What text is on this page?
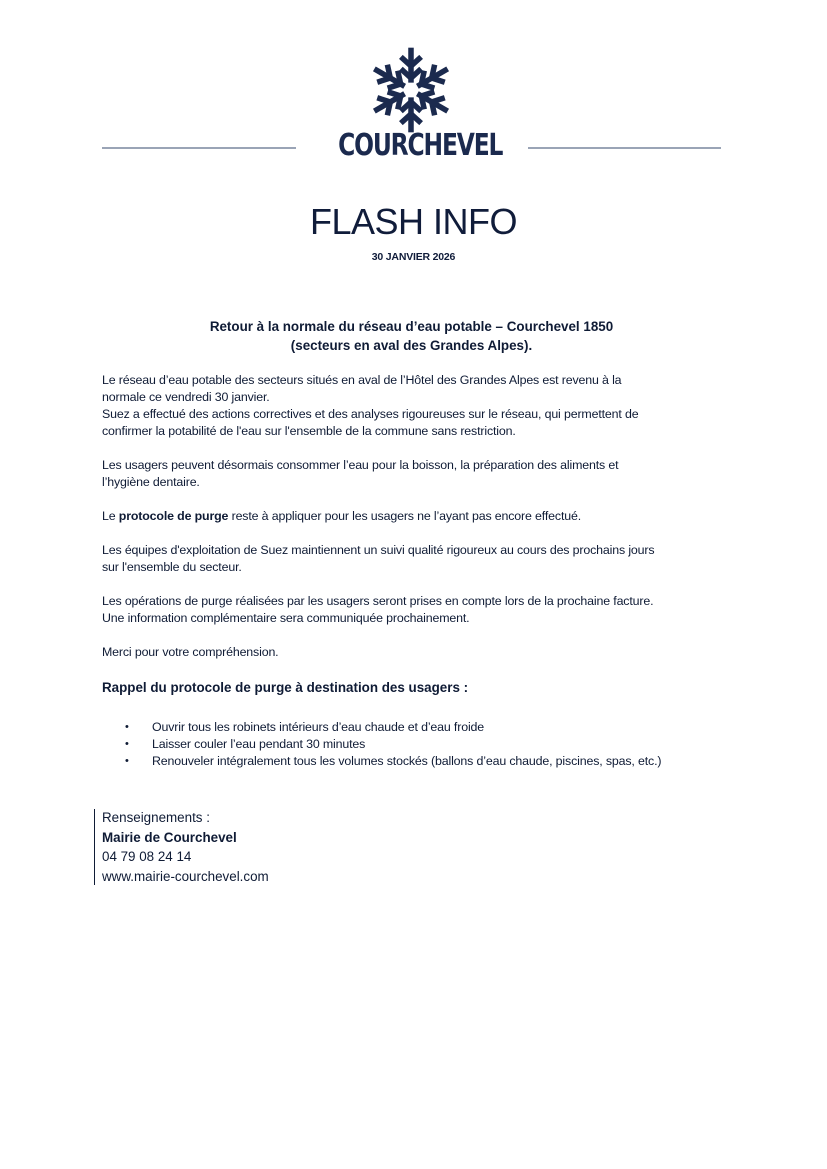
COURCHEVEL
FLASH INFO
30 JANVIER 2026
Retour à la normale du réseau d’eau potable – Courchevel 1850
(secteurs en aval des Grandes Alpes).

Le réseau d’eau potable des secteurs situés en aval de l’Hôtel des Grandes Alpes est revenu à la
normale ce vendredi 30 janvier.
Suez a effectué des actions correctives et des analyses rigoureuses sur le réseau, qui permettent de
confirmer la potabilité de l'eau sur l'ensemble de la commune sans restriction.

Les usagers peuvent désormais consommer l’eau pour la boisson, la préparation des aliments et
l’hygiène dentaire.

Le protocole de purge reste à appliquer pour les usagers ne l’ayant pas encore effectué.

Les équipes d'exploitation de Suez maintiennent un suivi qualité rigoureux au cours des prochains jours
sur l'ensemble du secteur.

Les opérations de purge réalisées par les usagers seront prises en compte lors de la prochaine facture.
Une information complémentaire sera communiquée prochainement.

Merci pour votre compréhension.

Rappel du protocole de purge à destination des usagers :
• Ouvrir tous les robinets intérieurs d’eau chaude et d’eau froide
• Laisser couler l’eau pendant 30 minutes
• Renouveler intégralement tous les volumes stockés (ballons d’eau chaude, piscines, spas, etc.)
Renseignements :
Mairie de Courchevel
04 79 08 24 14
www.mairie-courchevel.com
